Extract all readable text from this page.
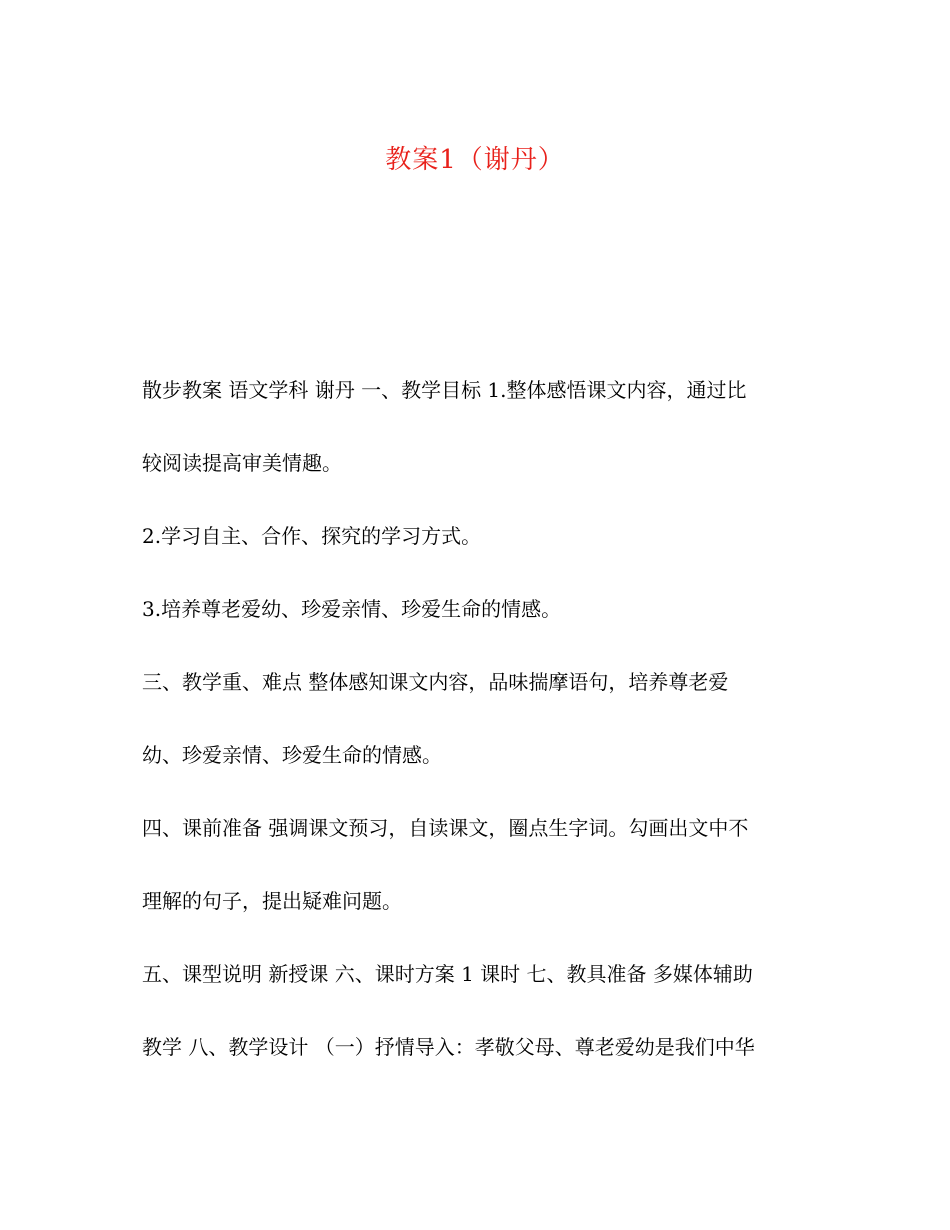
教案1（谢丹）
散步教案 语文学科 谢丹 一、教学目标 1.整体感悟课文内容，通过比
较阅读提高审美情趣。
2.学习自主、合作、探究的学习方式。
3.培养尊老爱幼、珍爱亲情、珍爱生命的情感。
三、教学重、难点 整体感知课文内容，品味揣摩语句，培养尊老爱
幼、珍爱亲情、珍爱生命的情感。
四、课前准备 强调课文预习，自读课文，圈点生字词。勾画出文中不
理解的句子，提出疑难问题。
五、课型说明 新授课 六、课时方案 1 课时 七、教具准备 多媒体辅助
教学 八、教学设计 （一）抒情导入：孝敬父母、尊老爱幼是我们中华
